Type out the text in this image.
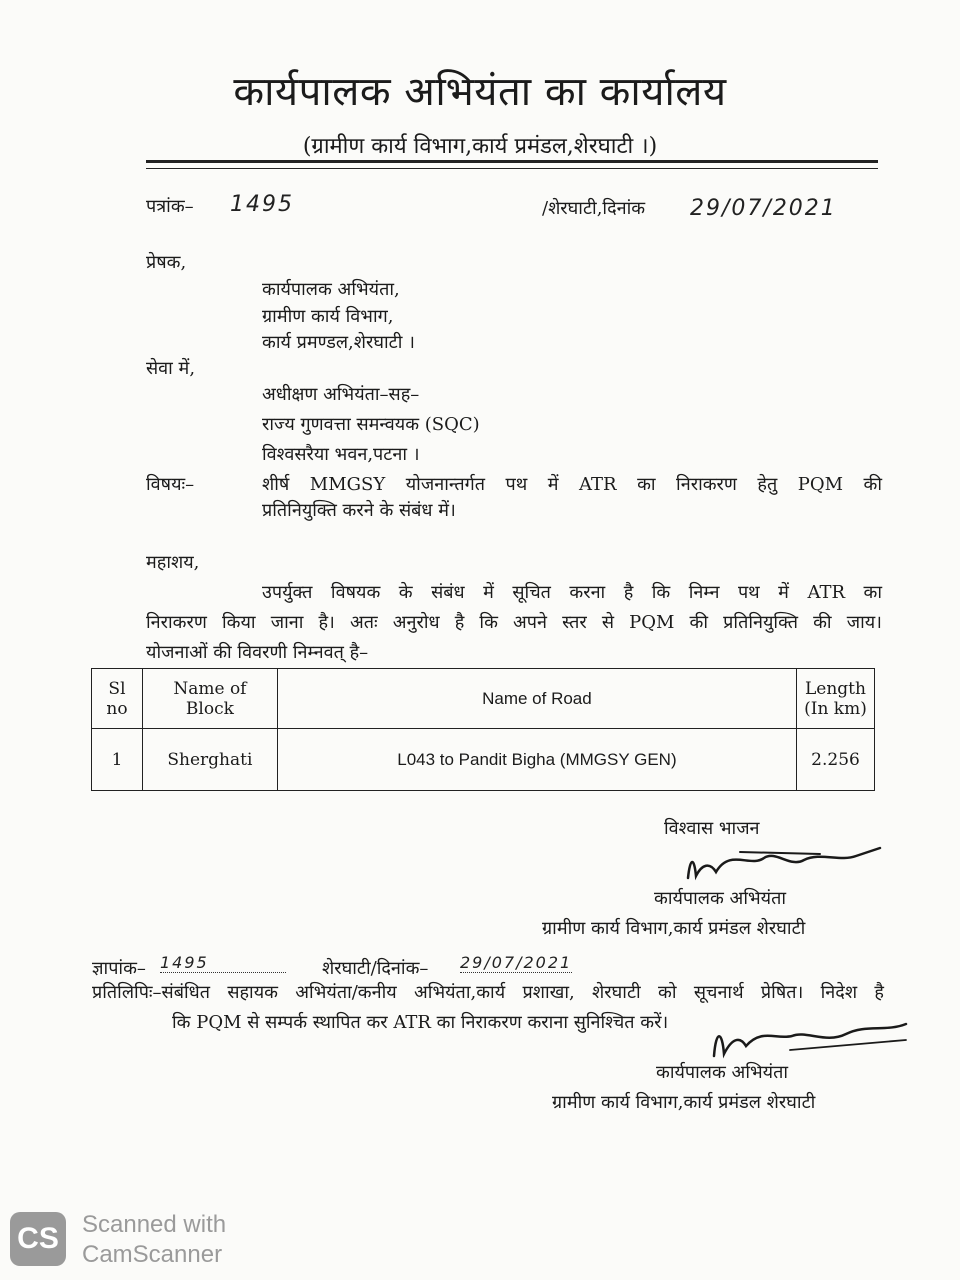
कार्यपालक अभियंता का कार्यालय
(ग्रामीण कार्य विभाग,कार्य प्रमंडल,शेरघाटी ।)
पत्रांक– 1495	/शेरघाटी,दिनांक 29/07/2021
प्रेषक,
कार्यपालक अभियंता,
ग्रामीण कार्य विभाग,
कार्य प्रमण्डल,शेरघाटी ।
सेवा में,
अधीक्षण अभियंता–सह–
राज्य गुणवत्ता समन्वयक (SQC)
विश्वसरैया भवन,पटना ।
विषयः–	शीर्ष MMGSY योजनान्तर्गत पथ में ATR का निराकरण हेतु PQM की
प्रतिनियुक्ति करने के संबंध में।
महाशय,
उपर्युक्त विषयक के संबंध में सूचित करना है कि निम्न पथ में ATR का
निराकरण किया जाना है। अतः अनुरोध है कि अपने स्तर से PQM की प्रतिनियुक्ति की जाय।
योजनाओं की विवरणी निम्नवत् है–
Sl no	Name of Block	Name of Road	Length (In km)
1	Sherghati	L043 to Pandit Bigha (MMGSY GEN)	2.256
विश्वास भाजन
कार्यपालक अभियंता
ग्रामीण कार्य विभाग,कार्य प्रमंडल शेरघाटी
ज्ञापांक– 1495	शेरघाटी/दिनांक– 29/07/2021
प्रतिलिपिः–संबंधित सहायक अभियंता/कनीय अभियंता,कार्य प्रशाखा, शेरघाटी को सूचनार्थ प्रेषित। निदेश है
कि PQM से सम्पर्क स्थापित कर ATR का निराकरण कराना सुनिश्चित करें।
कार्यपालक अभियंता
ग्रामीण कार्य विभाग,कार्य प्रमंडल शेरघाटी
CS Scanned with
CamScanner
